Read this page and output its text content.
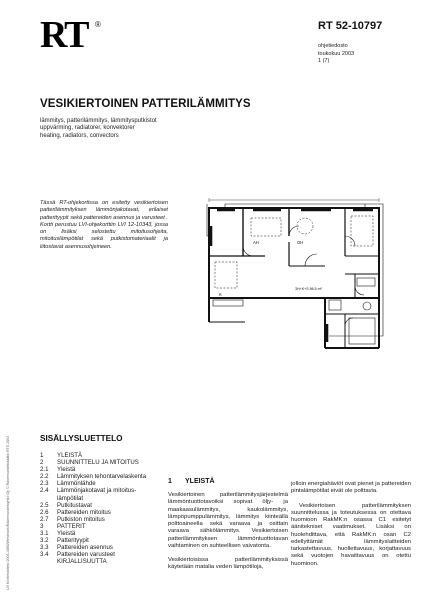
RT ®	RT 52-10797
ohjetiedosto
toukokuu 2003
1 (7)
VESIKIERTOINEN PATTERILÄMMITYS
lämmitys, patterilämmitys, lämmitysputkistot
uppvärming, radiatorer, konvektorer
heating, radiators, convectors
Tässä RT-ohjekortissa on esitetty vesikiertoisen patterilämmityksen lämmönjakotavat, erilaiset patterityypit sekä pattereiden asennus ja varusteet . Kortti perustuu LVI-ohjekorttiin LVI 12-10343, jossa on lisäksi selostettu mitoitusohjeita, mitoituslämpötilat sekä putkistomateriaalit ja liitostavat asennusohjeineen.
AH	OH
K
3H+K+S 86,5 m²
LVI Kiinteistötieto 2003-4085/Westmark/Rakennustietoyhtiö Oy © Rakennustietosäätiö RTS 2003	SISÄLLYSLUETTELO
1	YLEISTÄ
2	SUUNNITTELU JA MITOITUS
2.1	Yleistä
2.2	Lämmityksen tehontarvelaskenta
2.3	Lämmönlähde
2.4	Lämmönjakotavat ja mitoitus-lämpötilat
2.5	Putkitustavat
2.6	Pattereiden mitoitus
2.7	Putkiston mitoitus
3	PATTERIT
3.1	Yleistä
3.2	Patterityypit
3.3	Pattereiden asennus
3.4	Pattereiden varusteet
KIRJALLISUUTTA
1	YLEISTÄ

Vesikiertoinen patterilämmitysjärjestelmä lämmöntuottotavoiksi sopivat öljy- ja maakaasulämmitys, kaukolämmitys, lämpöpumppulämmitys, lämmitys kiinteällä polttoaineella sekä varaava ja osittain varaava sähkölämmitys. Vesikiertoisen patterilämmityksen lämmöntuottotavan vaihtaminen on suhteellisen vaivatonta.

Vesikiertoisissa patterilämmityksissä käytetään matalia veden lämpötiloja,

jolloin energiahäviöt ovat pienet ja pattereiden pintalämpötilat eivät ole polttavia.

Vesikiertoisen patterilämmityksen suunnittelussa ja toteutuksessa on otettava huomioon RakMK:n osassa C1 esitetyt äänitekniset vaatimukset. Lisäksi on huolehdittava, että RakMK:n osan C2 edellyttämät lämmityslaitteiden tarkastettavuus, huollettavuus, korjattavuus sekä vuotojen havaittavuus on otettu huomioon.
